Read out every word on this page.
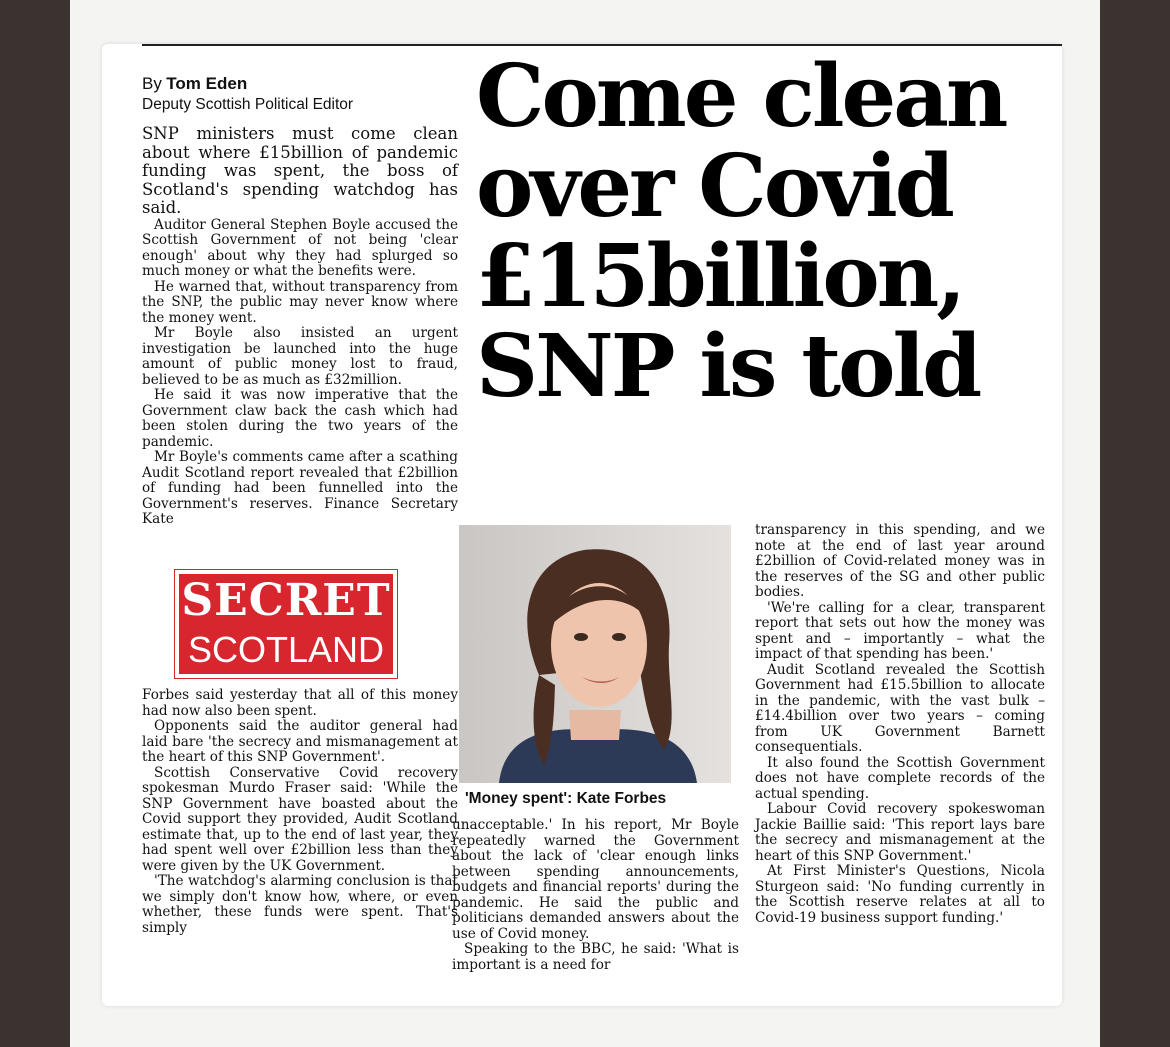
By Tom Eden
Deputy Scottish Political Editor Come clean
over Covid
£15billion,
SNP is told

SNP ministers must come clean about where £15billion of pandemic funding was spent, the boss of Scotland's spending watchdog has said.

Auditor General Stephen Boyle accused the Scottish Government of not being 'clear enough' about why they had splurged so much money or what the benefits were.

He warned that, without transparency from the SNP, the public may never know where the money went.

Mr Boyle also insisted an urgent investigation be launched into the huge amount of public money lost to fraud, believed to be as much as £32million.

He said it was now imperative that the Government claw back the cash which had been stolen during the two years of the pandemic.

Mr Boyle's comments came after a scathing Audit Scotland report revealed that £2billion of funding had been funnelled into the Government's reserves. Finance Secretary Kate

SECRET
SCOTLAND

Forbes said yesterday that all of this money had now also been spent.

Opponents said the auditor general had laid bare 'the secrecy and mismanagement at the heart of this SNP Government'.

Scottish Conservative Covid recovery spokesman Murdo Fraser said: 'While the SNP Government have boasted about the Covid support they provided, Audit Scotland estimate that, up to the end of last year, they had spent well over £2billion less than they were given by the UK Government.

'The watchdog's alarming conclusion is that we simply don't know how, where, or even whether, these funds were spent. That's simply

'Money spent': Kate Forbes

unacceptable.' In his report, Mr Boyle repeatedly warned the Government about the lack of 'clear enough links between spending announcements, budgets and financial reports' during the pandemic. He said the public and politicians demanded answers about the use of Covid money.

Speaking to the BBC, he said: 'What is important is a need for

transparency in this spending, and we note at the end of last year around £2billion of Covid-related money was in the reserves of the SG and other public bodies.

'We're calling for a clear, transparent report that sets out how the money was spent and – importantly – what the impact of that spending has been.'

Audit Scotland revealed the Scottish Government had £15.5billion to allocate in the pandemic, with the vast bulk – £14.4billion over two years – coming from UK Government Barnett consequentials.

It also found the Scottish Government does not have complete records of the actual spending.

Labour Covid recovery spokeswoman Jackie Baillie said: 'This report lays bare the secrecy and mismanagement at the heart of this SNP Government.'

At First Minister's Questions, Nicola Sturgeon said: 'No funding currently in the Scottish reserve relates at all to Covid-19 business support funding.'
